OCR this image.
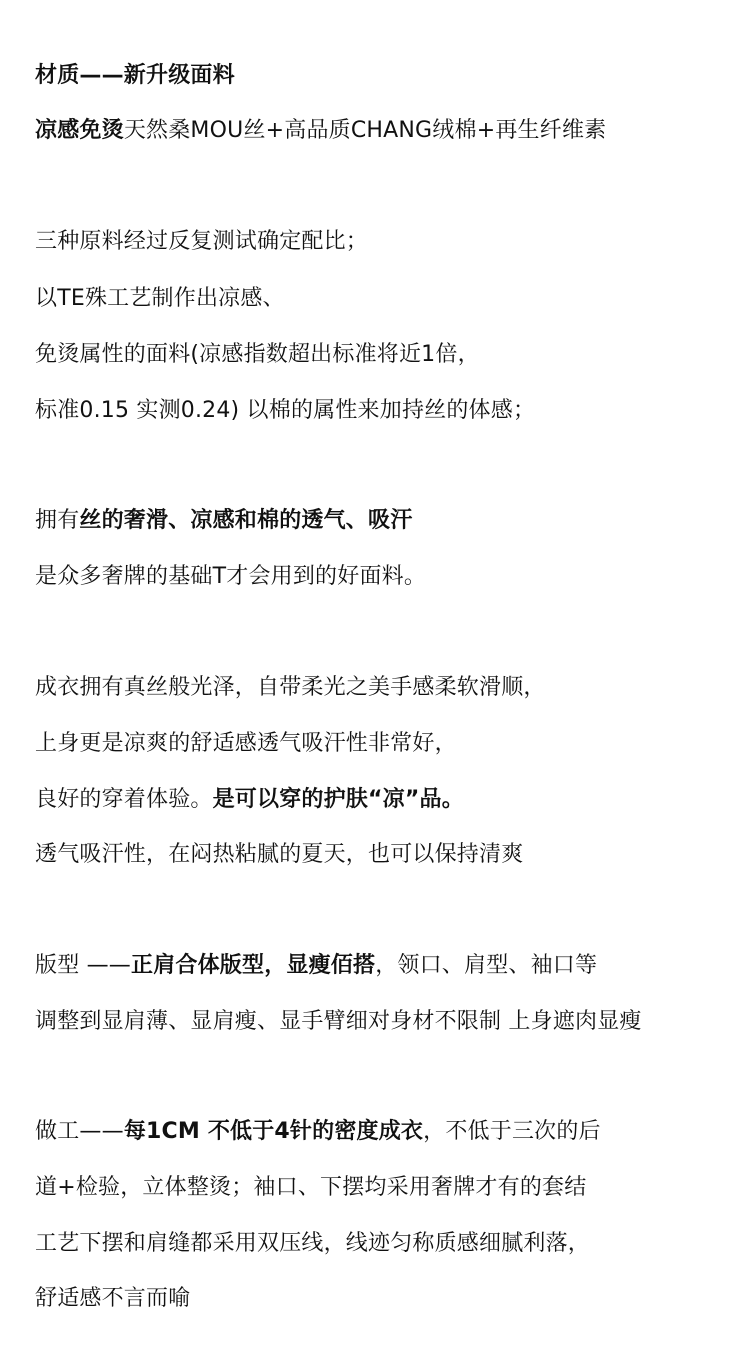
材质——新升级面料
凉感免烫天然桑MOU丝+高品质CHANG绒棉+再生纤维素
三种原料经过反复测试确定配比；
以TE殊工艺制作出凉感、
免烫属性的面料(凉感指数超出标准将近1倍，
标准0.15 实测0.24) 以棉的属性来加持丝的体感；
拥有丝的奢滑、凉感和棉的透气、吸汗
是众多奢牌的基础T才会用到的好面料。
成衣拥有真丝般光泽，自带柔光之美手感柔软滑顺，
上身更是凉爽的舒适感透气吸汗性非常好，
良好的穿着体验。是可以穿的护肤“凉”品。
透气吸汗性，在闷热粘腻的夏天，也可以保持清爽
版型 ——正肩合体版型，显瘦佰搭，领口、肩型、袖口等
调整到显肩薄、显肩瘦、显手臂细对身材不限制 上身遮肉显瘦
做工——每1CM 不低于4针的密度成衣，不低于三次的后
道+检验，立体整烫；袖口、下摆均采用奢牌才有的套结
工艺下摆和肩缝都采用双压线，线迹匀称质感细腻利落，
舒适感不言而喻
